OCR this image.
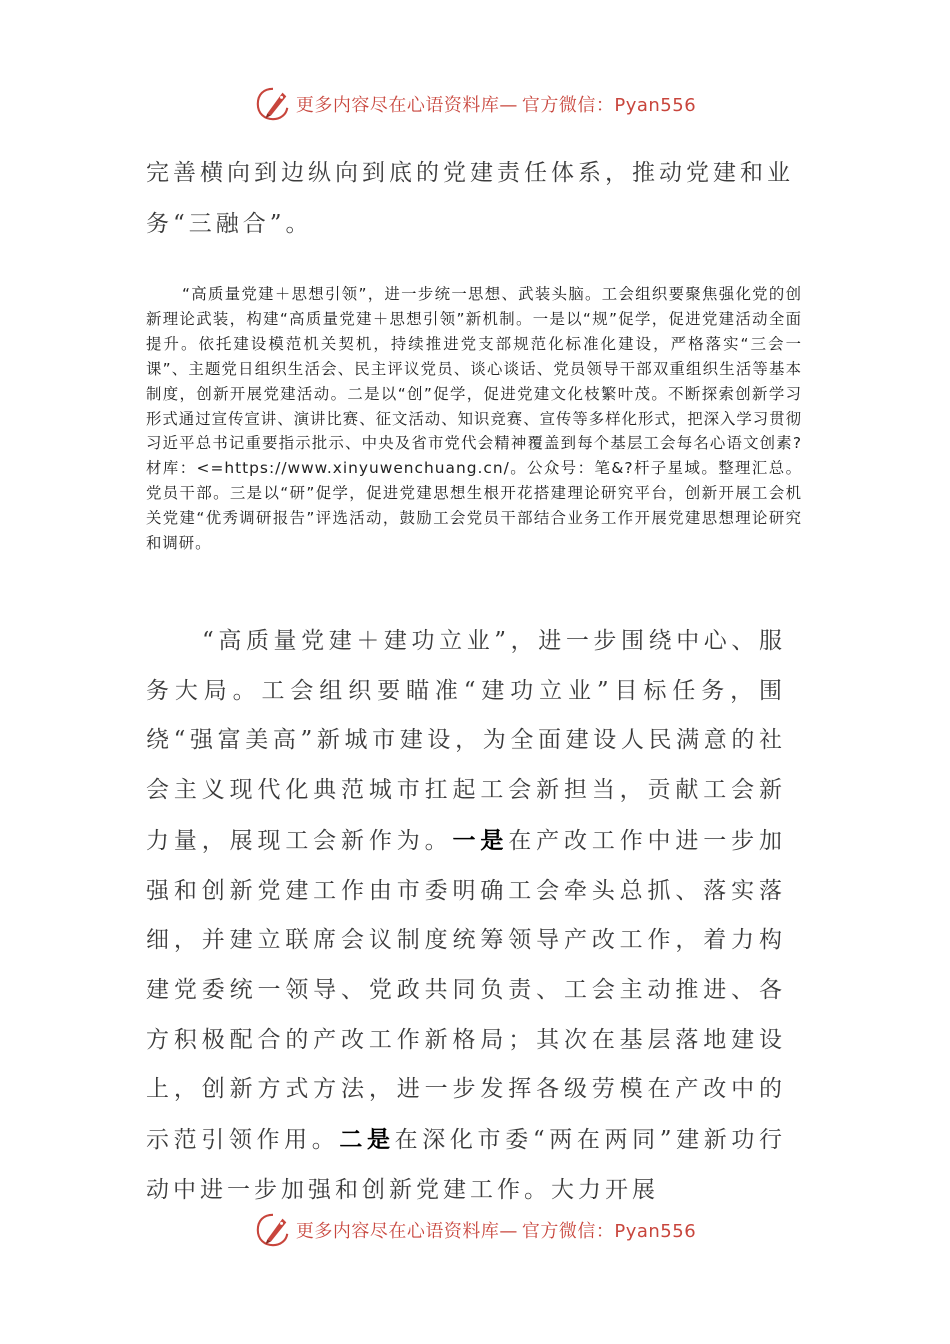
更多内容尽在心语资料库— 官方微信：Pyan556

完善横向到边纵向到底的党建责任体系，推动党建和业务“三融合”。

“高质量党建＋思想引领”，进一步统一思想、武装头脑。工会组织要聚焦强化党的创新理论武装，构建“高质量党建＋思想引领”新机制。一是以“规”促学，促进党建活动全面提升。依托建设模范机关契机，持续推进党支部规范化标准化建设，严格落实“三会一课”、主题党日组织生活会、民主评议党员、谈心谈话、党员领导干部双重组织生活等基本制度，创新开展党建活动。二是以“创”促学，促进党建文化枝繁叶茂。不断探索创新学习形式通过宣传宣讲、演讲比赛、征文活动、知识竞赛、宣传等多样化形式，把深入学习贯彻习近平总书记重要指示批示、中央及省市党代会精神覆盖到每个基层工会每名心语文创素?材库：<=https://www.xinyuwenchuang.cn/。公众号：笔&?杆子星域。整理汇总。党员干部。三是以“研”促学，促进党建思想生根开花搭建理论研究平台，创新开展工会机关党建“优秀调研报告”评选活动，鼓励工会党员干部结合业务工作开展党建思想理论研究和调研。

“高质量党建＋建功立业”，进一步围绕中心、服务大局。工会组织要瞄准“建功立业”目标任务，围绕“强富美高”新城市建设，为全面建设人民满意的社会主义现代化典范城市扛起工会新担当，贡献工会新力量，展现工会新作为。一是在产改工作中进一步加强和创新党建工作由市委明确工会牵头总抓、落实落细，并建立联席会议制度统筹领导产改工作，着力构建党委统一领导、党政共同负责、工会主动推进、各方积极配合的产改工作新格局；其次在基层落地建设上，创新方式方法，进一步发挥各级劳模在产改中的示范引领作用。二是在深化市委“两在两同”建新功行动中进一步加强和创新党建工作。大力开展

更多内容尽在心语资料库— 官方微信：Pyan556
